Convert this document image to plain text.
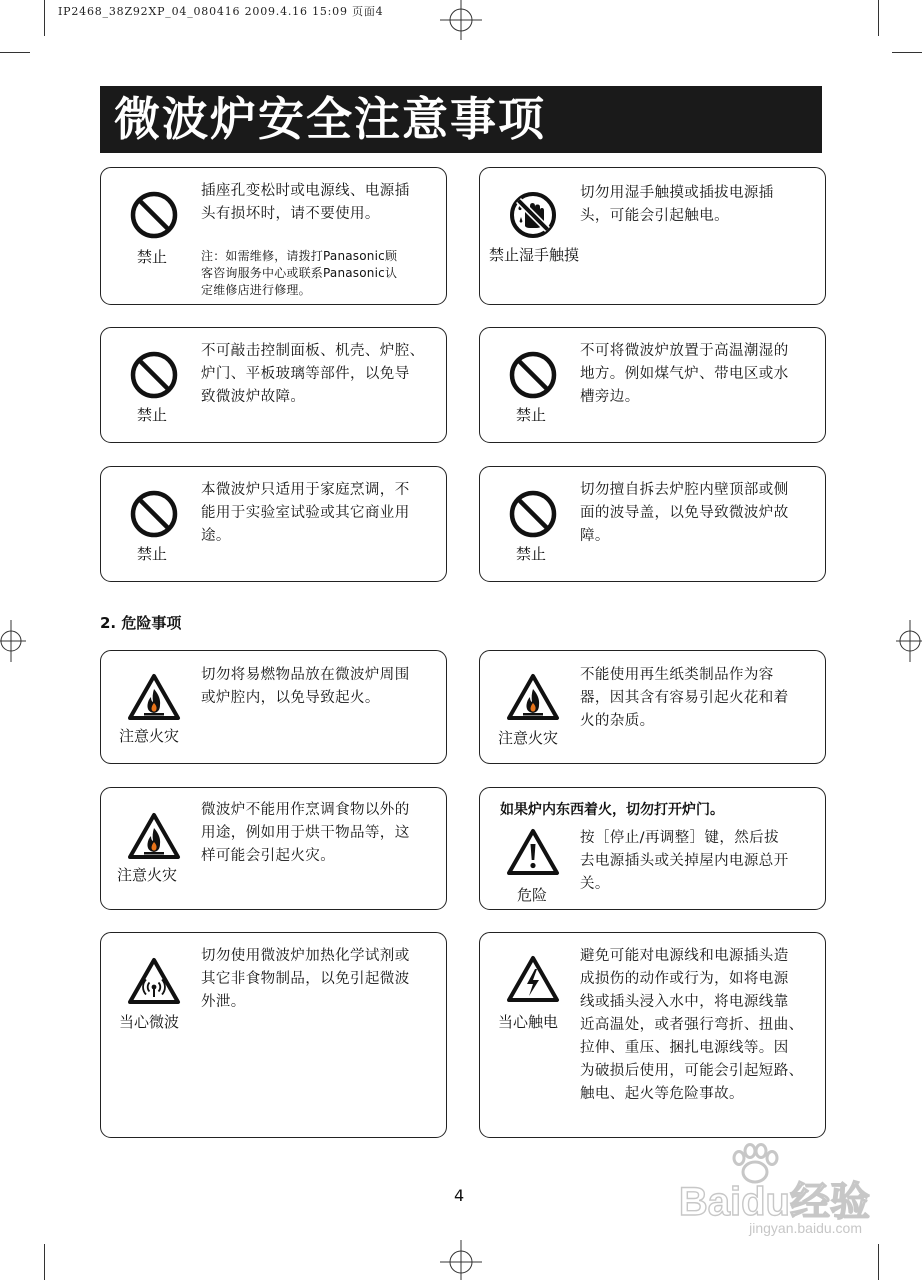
IP2468_38Z92XP_04_080416 2009.4.16 15:09 页面4
微波炉安全注意事项
禁止
插座孔变松时或电源线、电源插
头有损坏时，请不要使用。
注：如需维修，请拨打Panasonic顾
客咨询服务中心或联系Panasonic认
定维修店进行修理。
禁止湿手触摸
切勿用湿手触摸或插拔电源插
头，可能会引起触电。
禁止
不可敲击控制面板、机壳、炉腔、
炉门、平板玻璃等部件，以免导
致微波炉故障。
禁止
不可将微波炉放置于高温潮湿的
地方。例如煤气炉、带电区或水
槽旁边。
禁止
本微波炉只适用于家庭烹调，不
能用于实验室试验或其它商业用
途。
禁止
切勿擅自拆去炉腔内壁顶部或侧
面的波导盖，以免导致微波炉故
障。
2. 危险事项
注意火灾
切勿将易燃物品放在微波炉周围
或炉腔内，以免导致起火。
注意火灾
不能使用再生纸类制品作为容
器，因其含有容易引起火花和着
火的杂质。
注意火灾
微波炉不能用作烹调食物以外的
用途，例如用于烘干物品等，这
样可能会引起火灾。
如果炉内东西着火，切勿打开炉门。
危险
按［停止/再调整］键，然后拔
去电源插头或关掉屋内电源总开
关。
当心微波
切勿使用微波炉加热化学试剂或
其它非食物制品，以免引起微波
外泄。
当心触电
避免可能对电源线和电源插头造
成损伤的动作或行为，如将电源
线或插头浸入水中，将电源线靠
近高温处，或者强行弯折、扭曲、
拉伸、重压、捆扎电源线等。因
为破损后使用，可能会引起短路、
触电、起火等危险事故。
4	Baidu经验
jingyan.baidu.com
